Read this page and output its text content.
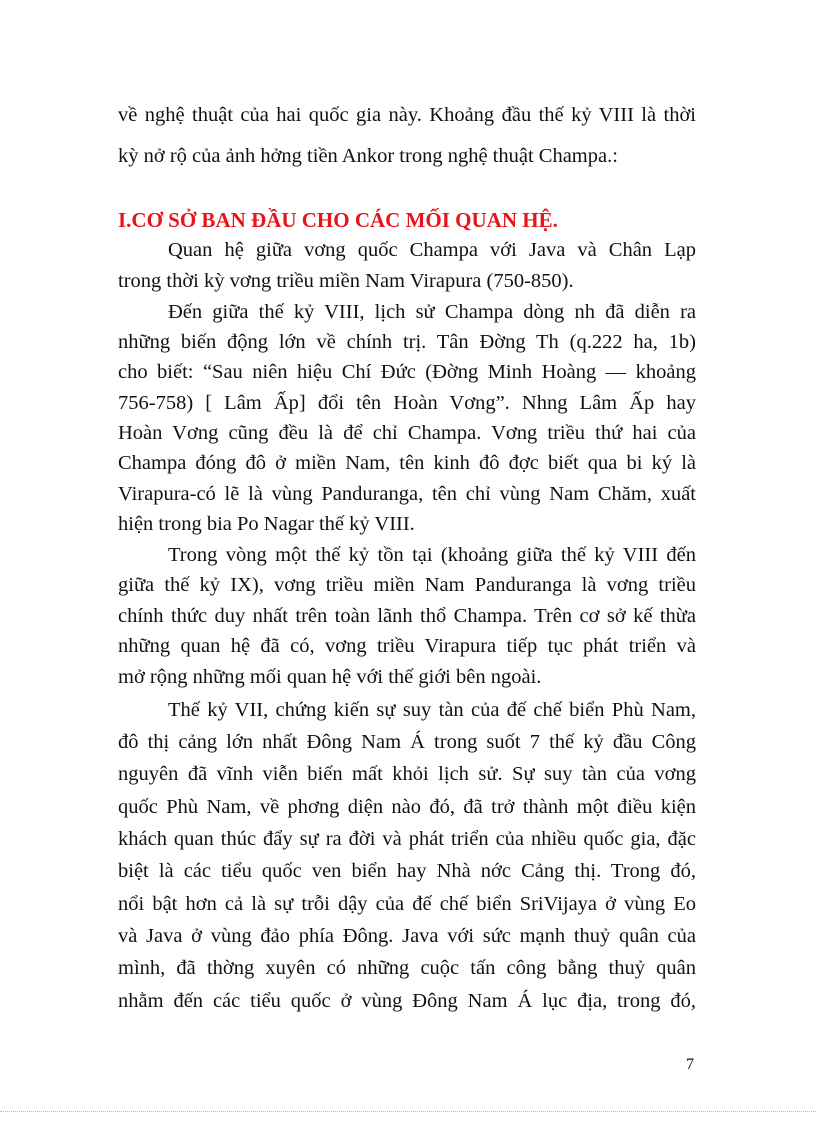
về nghệ thuật của hai quốc gia này. Khoảng đầu thế kỷ VIII là thời
kỳ nở rộ của ảnh hởng tiền Ankor trong nghệ thuật Champa.:
I.CƠ SỞ BAN ĐẦU CHO CÁC MỐI QUAN HỆ.
Quan hệ giữa vơng quốc Champa với Java và Chân Lạp
trong thời kỳ vơng triều miền Nam Virapura (750-850).
Đến giữa thế kỷ VIII, lịch sử Champa dòng nh đã diễn ra
những biến động lớn về chính trị. Tân Đờng Th (q.222 ha, 1b)
cho biết: “Sau niên hiệu Chí Đức (Đờng Minh Hoàng — khoảng
756-758) [ Lâm Ấp] đổi tên Hoàn Vơng”. Nhng Lâm Ấp hay
Hoàn Vơng cũng đều là để chỉ Champa. Vơng triều thứ hai của
Champa đóng đô ở miền Nam, tên kinh đô đợc biết qua bi ký là
Virapura-có lẽ là vùng Panduranga, tên chỉ vùng Nam Chăm, xuất
hiện trong bia Po Nagar thế kỷ VIII.
Trong vòng một thế kỷ tồn tại (khoảng giữa thế kỷ VIII đến
giữa thế kỷ IX), vơng triều miền Nam Panduranga là vơng triều
chính thức duy nhất trên toàn lãnh thổ Champa. Trên cơ sở kế thừa
những quan hệ đã có, vơng triều Virapura tiếp tục phát triển và
mở rộng những mối quan hệ với thế giới bên ngoài.
Thế kỷ VII, chứng kiến sự suy tàn của đế chế biển Phù Nam,
đô thị cảng lớn nhất Đông Nam Á trong suốt 7 thế kỷ đầu Công
nguyên đã vĩnh viễn biến mất khỏi lịch sử. Sự suy tàn của vơng
quốc Phù Nam, về phơng diện nào đó, đã trở thành một điều kiện
khách quan thúc đẩy sự ra đời và phát triển của nhiều quốc gia, đặc
biệt là các tiểu quốc ven biển hay Nhà nớc Cảng thị. Trong đó,
nổi bật hơn cả là sự trỗi dậy của đế chế biển SriVijaya ở vùng Eo
và Java ở vùng đảo phía Đông. Java với sức mạnh thuỷ quân của
mình, đã thờng xuyên có những cuộc tấn công bằng thuỷ quân
nhằm đến các tiểu quốc ở vùng Đông Nam Á lục địa, trong đó,
7
